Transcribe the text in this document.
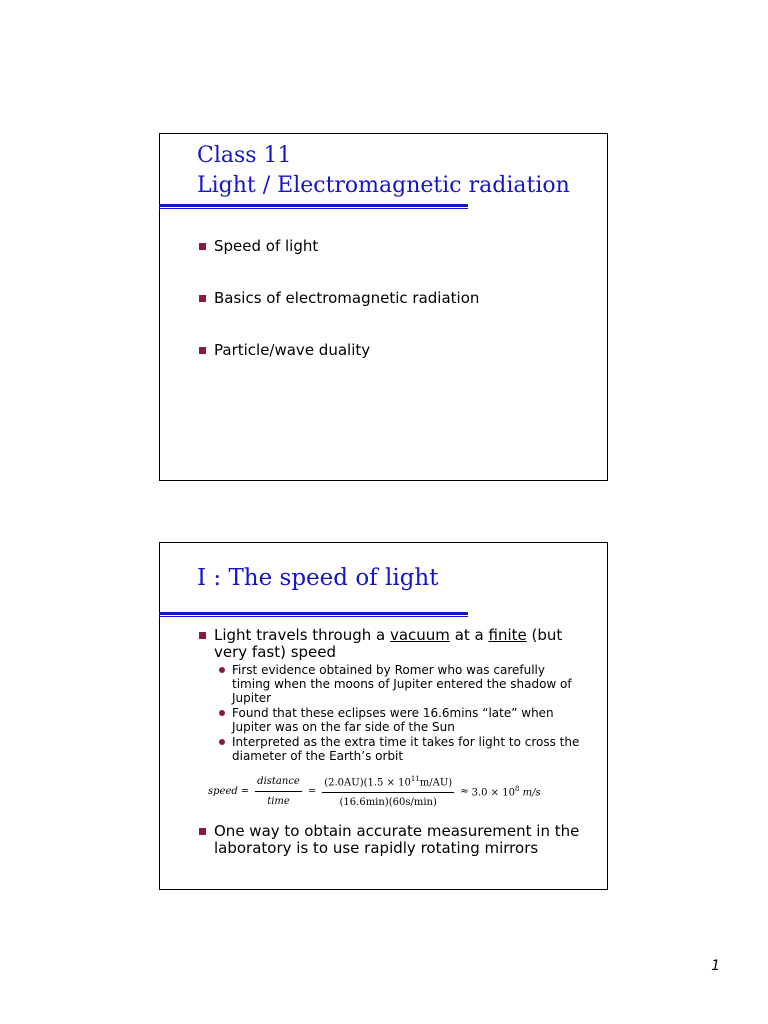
Class 11
Light / Electromagnetic radiation
Speed of light
Basics of electromagnetic radiation
Particle/wave duality
I : The speed of light
Light travels through a vacuum at a finite (but very fast) speed
First evidence obtained by Romer who was carefully timing when the moons of Jupiter entered the shadow of Jupiter
Found that these eclipses were 16.6mins “late” when Jupiter was on the far side of the Sun
Interpreted as the extra time it takes for light to cross the diameter of the Earth’s orbit
speed = $\frac{\text{distance}}{\text{time}} = \frac{(2.0AU)(1.5 \times 10^{11}m/AU)}{(16.6\min)(60s/\min)} \approx 3.0 \times 10^8$ m/s
One way to obtain accurate measurement in the laboratory is to use rapidly rotating mirrors
1
